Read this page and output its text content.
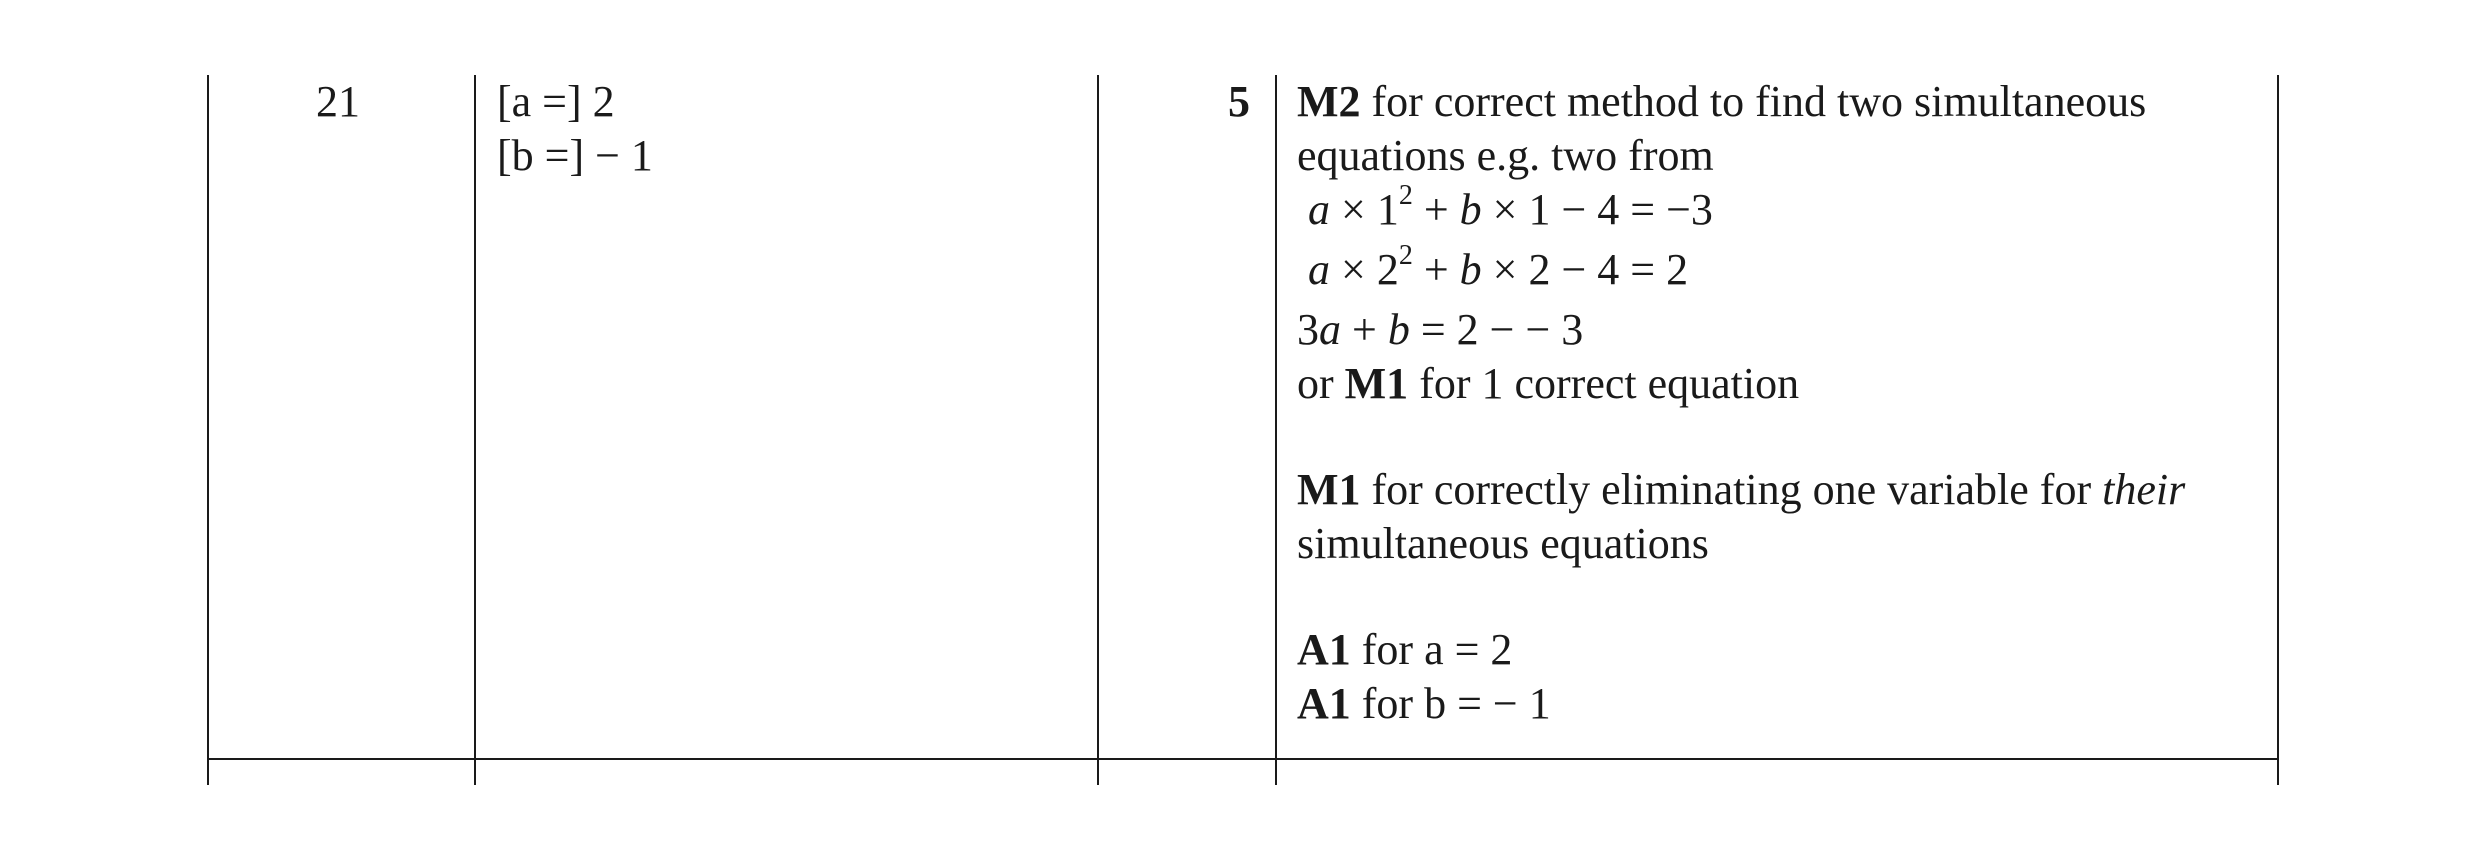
21	[a =] 2
[b =] − 1
5 M2 for correct method to find two simultaneous
equations e.g. two from
$a \times 1^2 + b \times 1 - 4 = -3$
$a \times 2^2 + b \times 2 - 4 = 2$
3a + b = 2 − − 3
or M1 for 1 correct equation
M1 for correctly eliminating one variable for their
simultaneous equations
A1 for a = 2
A1 for b = − 1
